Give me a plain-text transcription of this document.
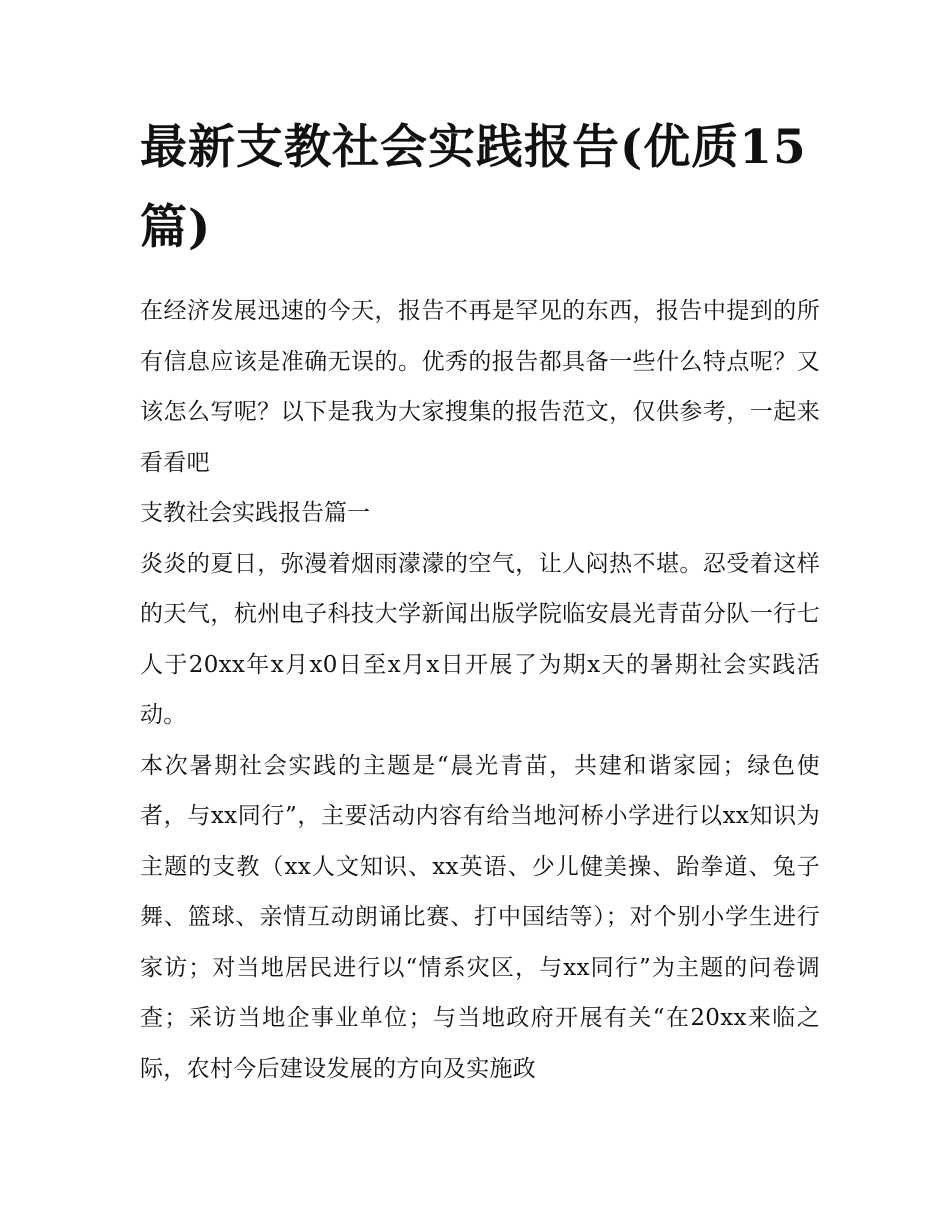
最新支教社会实践报告(优质15篇)

在经济发展迅速的今天，报告不再是罕见的东西，报告中提到的所有信息应该是准确无误的。优秀的报告都具备一些什么特点呢？又该怎么写呢？以下是我为大家搜集的报告范文，仅供参考，一起来看看吧

支教社会实践报告篇一

炎炎的夏日，弥漫着烟雨濛濛的空气，让人闷热不堪。忍受着这样的天气，杭州电子科技大学新闻出版学院临安晨光青苗分队一行七人于20xx年x月x0日至x月x日开展了为期x天的暑期社会实践活动。

本次暑期社会实践的主题是“晨光青苗，共建和谐家园；绿色使者，与xx同行”，主要活动内容有给当地河桥小学进行以xx知识为主题的支教（xx人文知识、xx英语、少儿健美操、跆拳道、兔子舞、篮球、亲情互动朗诵比赛、打中国结等）；对个别小学生进行家访；对当地居民进行以“情系灾区，与xx同行”为主题的问卷调查；采访当地企事业单位；与当地政府开展有关“在20xx来临之际，农村今后建设发展的方向及实施政
